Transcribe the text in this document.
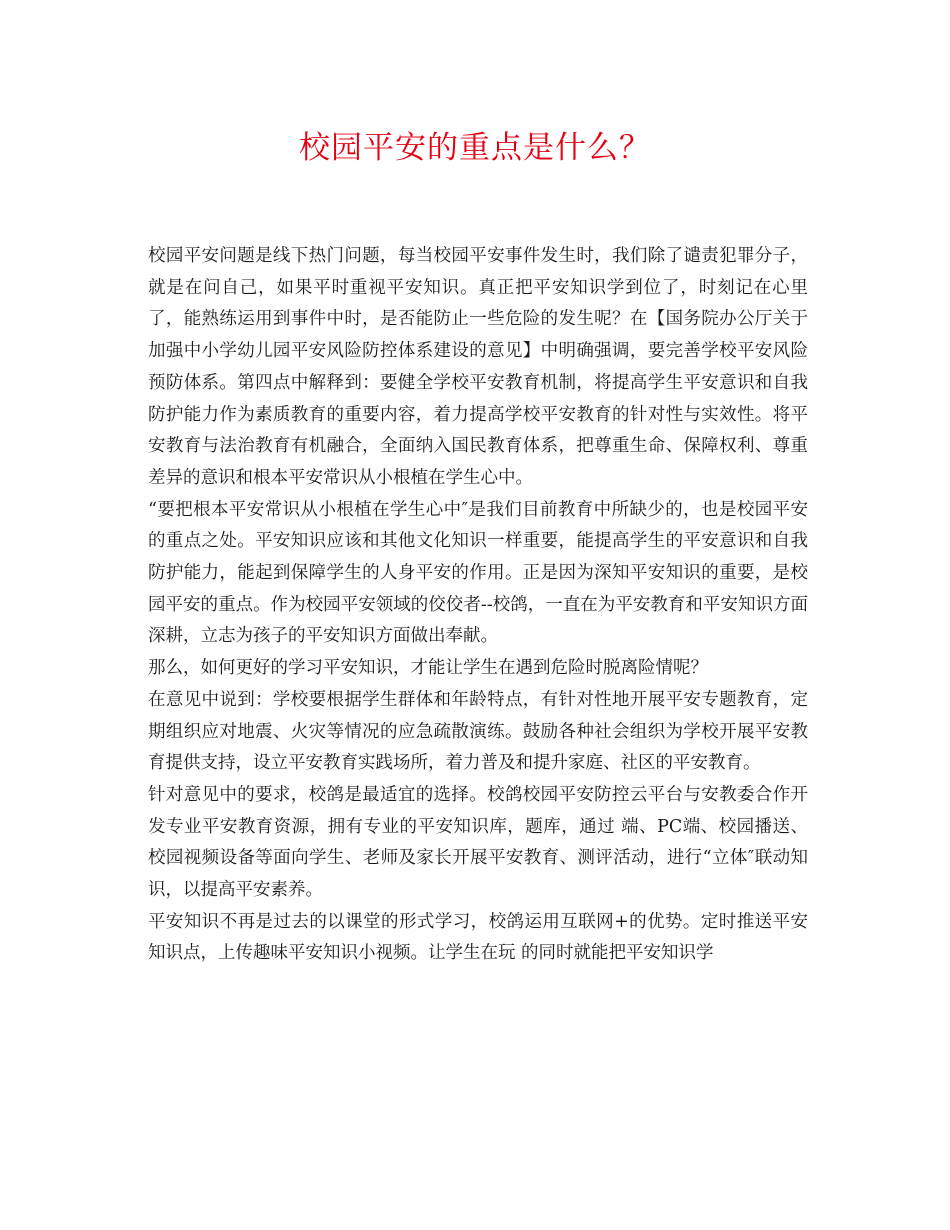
校园平安的重点是什么？

校园平安问题是线下热门问题，每当校园平安事件发生时，我们除了谴责犯罪分子，就是在问自己，如果平时重视平安知识。真正把平安知识学到位了，时刻记在心里了，能熟练运用到事件中时，是否能防止一些危险的发生呢？在【国务院办公厅关于加强中小学幼儿园平安风险防控体系建设的意见】中明确强调，要完善学校平安风险预防体系。第四点中解释到：要健全学校平安教育机制，将提高学生平安意识和自我防护能力作为素质教育的重要内容，着力提高学校平安教育的针对性与实效性。将平安教育与法治教育有机融合，全面纳入国民教育体系，把尊重生命、保障权利、尊重差异的意识和根本平安常识从小根植在学生心中。

“要把根本平安常识从小根植在学生心中″是我们目前教育中所缺少的，也是校园平安的重点之处。平安知识应该和其他文化知识一样重要，能提高学生的平安意识和自我防护能力，能起到保障学生的人身平安的作用。正是因为深知平安知识的重要，是校园平安的重点。作为校园平安领域的佼佼者--校鸽，一直在为平安教育和平安知识方面深耕，立志为孩子的平安知识方面做出奉献。

那么，如何更好的学习平安知识，才能让学生在遇到危险时脱离险情呢？

在意见中说到：学校要根据学生群体和年龄特点，有针对性地开展平安专题教育，定期组织应对地震、火灾等情况的应急疏散演练。鼓励各种社会组织为学校开展平安教育提供支持，设立平安教育实践场所，着力普及和提升家庭、社区的平安教育。

针对意见中的要求，校鸽是最适宜的选择。校鸽校园平安防控云平台与安教委合作开发专业平安教育资源，拥有专业的平安知识库，题库，通过 端、PC端、校园播送、校园视频设备等面向学生、老师及家长开展平安教育、测评活动，进行“立体″联动知识，以提高平安素养。

平安知识不再是过去的以课堂的形式学习，校鸽运用互联网+的优势。定时推送平安知识点，上传趣味平安知识小视频。让学生在玩 的同时就能把平安知识学
